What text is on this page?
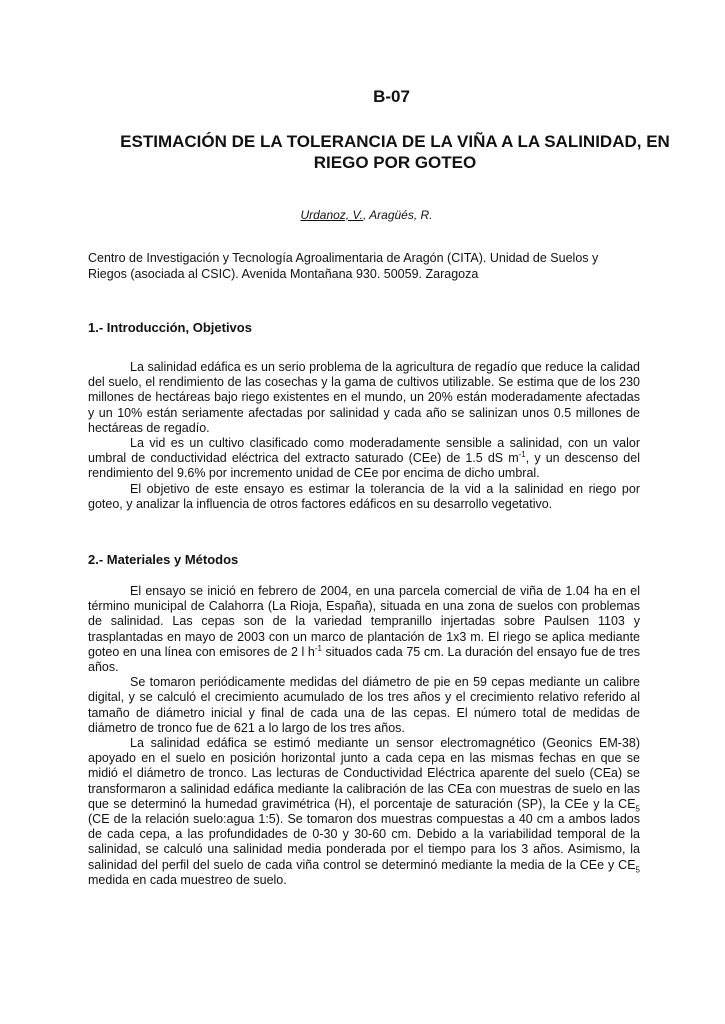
B-07
ESTIMACIÓN DE LA TOLERANCIA DE LA VIÑA A LA SALINIDAD, EN RIEGO POR GOTEO
Urdanoz, V., Aragüés, R.
Centro de Investigación y Tecnología Agroalimentaria de Aragón (CITA). Unidad de Suelos y Riegos (asociada al CSIC). Avenida Montañana 930. 50059. Zaragoza
1.- Introducción, Objetivos

La salinidad edáfica es un serio problema de la agricultura de regadío que reduce la calidad del suelo, el rendimiento de las cosechas y la gama de cultivos utilizable. Se estima que de los 230 millones de hectáreas bajo riego existentes en el mundo, un 20% están moderadamente afectadas y un 10% están seriamente afectadas por salinidad y cada año se salinizan unos 0.5 millones de hectáreas de regadío.

La vid es un cultivo clasificado como moderadamente sensible a salinidad, con un valor umbral de conductividad eléctrica del extracto saturado (CEe) de 1.5 dS $m^{-1}$, y un descenso del rendimiento del 9.6% por incremento unidad de CEe por encima de dicho umbral.

El objetivo de este ensayo es estimar la tolerancia de la vid a la salinidad en riego por goteo, y analizar la influencia de otros factores edáficos en su desarrollo vegetativo.

2.- Materiales y Métodos

El ensayo se inició en febrero de 2004, en una parcela comercial de viña de 1.04 ha en el término municipal de Calahorra (La Rioja, España), situada en una zona de suelos con problemas de salinidad. Las cepas son de la variedad tempranillo injertadas sobre Paulsen 1103 y trasplantadas en mayo de 2003 con un marco de plantación de 1x3 m. El riego se aplica mediante goteo en una línea con emisores de 2 l $h^{-1}$ situados cada 75 cm. La duración del ensayo fue de tres años.

Se tomaron periódicamente medidas del diámetro de pie en 59 cepas mediante un calibre digital, y se calculó el crecimiento acumulado de los tres años y el crecimiento relativo referido al tamaño de diámetro inicial y final de cada una de las cepas. El número total de medidas de diámetro de tronco fue de 621 a lo largo de los tres años.

La salinidad edáfica se estimó mediante un sensor electromagnético (Geonics EM-38) apoyado en el suelo en posición horizontal junto a cada cepa en las mismas fechas en que se midió el diámetro de tronco. Las lecturas de Conductividad Eléctrica aparente del suelo (CEa) se transformaron a salinidad edáfica mediante la calibración de las CEa con muestras de suelo en las que se determinó la humedad gravimétrica (H), el porcentaje de saturación (SP), la CEe y la $CE_5$ (CE de la relación suelo:agua 1:5). Se tomaron dos muestras compuestas a 40 cm a ambos lados de cada cepa, a las profundidades de 0-30 y 30-60 cm. Debido a la variabilidad temporal de la salinidad, se calculó una salinidad media ponderada por el tiempo para los 3 años. Asimismo, la salinidad del perfil del suelo de cada viña control se determinó mediante la media de la CEe y $CE_5$ medida en cada muestreo de suelo.
